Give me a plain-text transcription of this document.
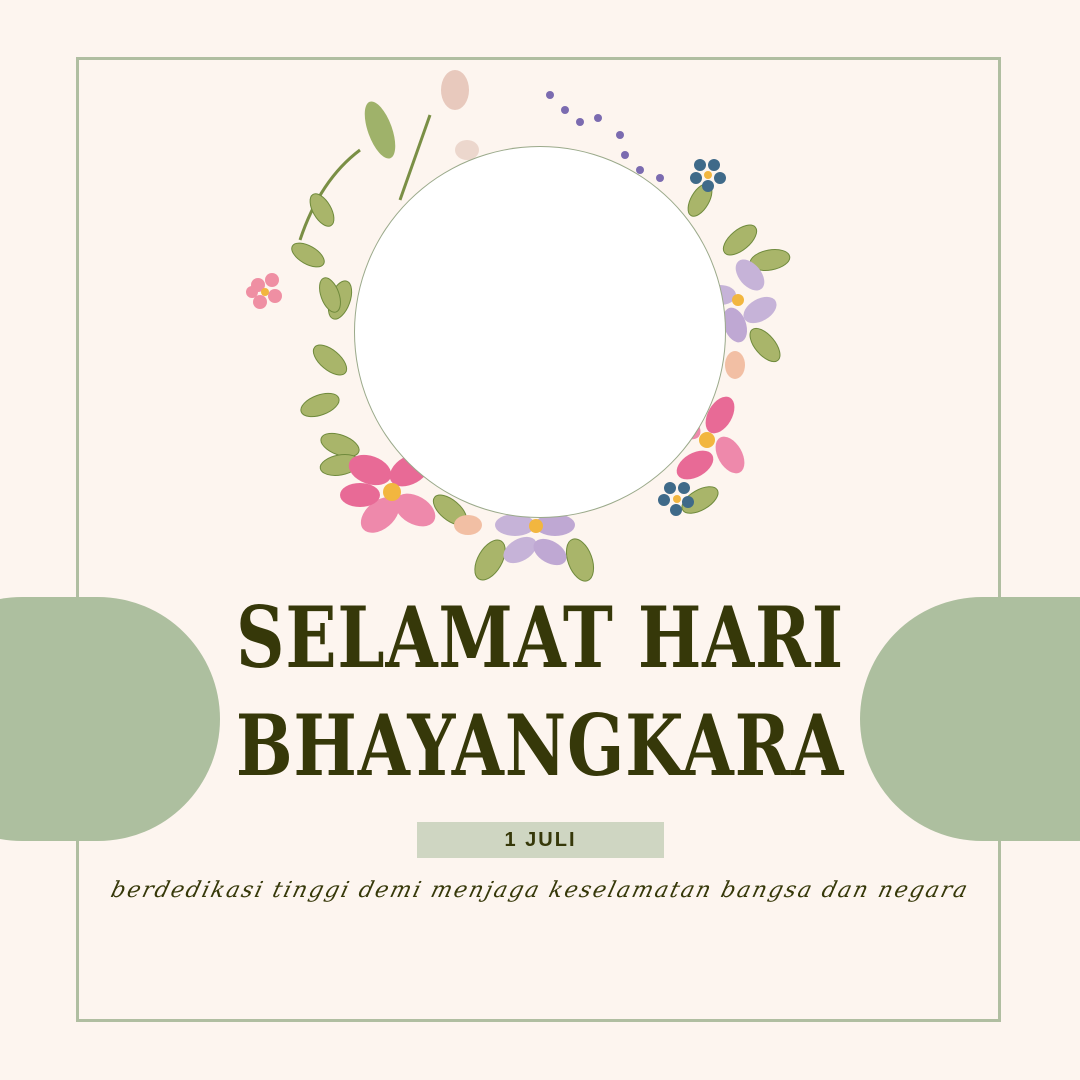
SELAMAT HARI
BHAYANGKARA
1 JULI
berdedikasi tinggi demi menjaga keselamatan bangsa dan negara
